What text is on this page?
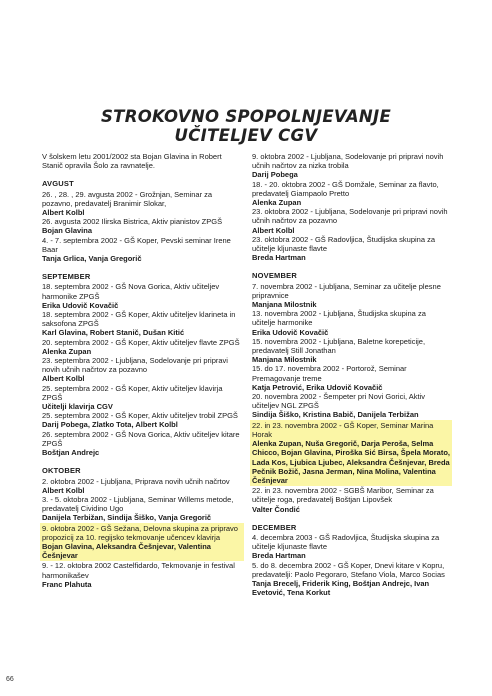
STROKOVNO SPOPOLNJEVANJE
UČITELJEV CGV
V šolskem letu 2001/2002 sta Bojan Glavina in Robert Stanič opravila Šolo za ravnatelje.
AVGUST
26. , 28. , 29. avgusta 2002 - Grožnjan, Seminar za pozavno, predavatelj Branimir Slokar,
Albert Kolbl
26. avgusta 2002 Ilirska Bistrica, Aktiv pianistov ZPGŠ
Bojan Glavina
4. - 7. septembra 2002 - GŠ Koper, Pevski seminar Irene Baar
Tanja Grlica, Vanja Gregorič
SEPTEMBER
18. septembra 2002 - GŠ Nova Gorica, Aktiv učiteljev harmonike ZPGŠ
Erika Udovič Kovačič
18. septembra 2002 - GŠ Koper, Aktiv učiteljev klarineta in saksofona ZPGŠ
Karl Glavina, Robert Stanič, Dušan Kitić
20. septembra 2002 - GŠ Koper, Aktiv učiteljev flavte ZPGŠ
Alenka Zupan
23. septembra 2002 - Ljubljana, Sodelovanje pri pripravi novih učnih načrtov za pozavno
Albert Kolbl
25. septembra 2002 - GŠ Koper, Aktiv učiteljev klavirja ZPGŠ
Učitelji klavirja CGV
25. septembra 2002 - GŠ Koper, Aktiv učiteljev trobil ZPGŠ
Darij Pobega, Zlatko Tota, Albert Kolbl
26. septembra 2002 - GŠ Nova Gorica, Aktiv učiteljev kitare ZPGŠ
Boštjan Andrejc
OKTOBER
2. oktobra 2002 - Ljubljana, Priprava novih učnih načrtov
Albert Kolbl
3. - 5. oktobra 2002 - Ljubljana, Seminar Willems metode, predavatelj Cividino Ugo
Danijela Terbižan, Sindija Šiško, Vanja Gregorič
9. oktobra 2002 - GŠ Sežana, Delovna skupina za pripravo propozicij za 10. regijsko tekmovanje učencev klavirja
Bojan Glavina, Aleksandra Češnjevar, Valentina Češnjevar
9. - 12. oktobra 2002 Castelfidardo, Tekmovanje in festival harmonikašev
Franc Plahuta
9. oktobra 2002 - Ljubljana, Sodelovanje pri pripravi novih učnih načrtov za nizka trobila
Darij Pobega
18. - 20. oktobra 2002 - GŠ Domžale, Seminar za flavto, predavatelj Giampaolo Pretto
Alenka Zupan
23. oktobra 2002 - Ljubljana, Sodelovanje pri pripravi novih učnih načrtov za pozavno
Albert Kolbl
23. oktobra 2002 - GŠ Radovljica, Študijska skupina za učitelje kljunaste flavte
Breda Hartman
NOVEMBER
7. novembra 2002 - Ljubljana, Seminar za učitelje plesne pripravnice
Manjana Milostnik
13. novembra 2002 - Ljubljana, Študijska skupina za učitelje harmonike
Erika Udovič Kovačič
15. novembra 2002 - Ljubljana, Baletne korepeticije, predavatelj Still Jonathan
Manjana Milostnik
15. do 17. novembra 2002 - Portorož, Seminar Premagovanje treme
Katja Petrović, Erika Udovič Kovačič
20. novembra 2002 - Šempeter pri Novi Gorici, Aktiv učiteljev NGL ZPGŠ
Sindija Šiško, Kristina Babič, Danijela Terbižan
22. in 23. novembra 2002 - GŠ Koper, Seminar Marina Horak
Alenka Zupan, Nuša Gregorič, Darja Peroša, Selma Chicco, Bojan Glavina, Piroška Sić Birsa, Špela Morato, Lada Kos, Ljubica Ljubec, Aleksandra Češnjevar, Breda Pečnik Božič, Jasna Jerman, Nina Molina, Valentina Češnjevar
22. in 23. novembra 2002 - SGBŠ Maribor, Seminar za učitelje roga, predavatelj Boštjan Lipovšek
Valter Čondić
DECEMBER
4. decembra 2003 - GŠ Radovljica, Študijska skupina za učitelje kljunaste flavte
Breda Hartman
5. do 8. decembra 2002 - GŠ Koper, Dnevi kitare v Kopru, predavatelji: Paolo Pegoraro, Stefano Viola, Marco Socias
Tanja Brecelj, Friderik King, Boštjan Andrejc, Ivan Evetović, Tena Korkut
66
